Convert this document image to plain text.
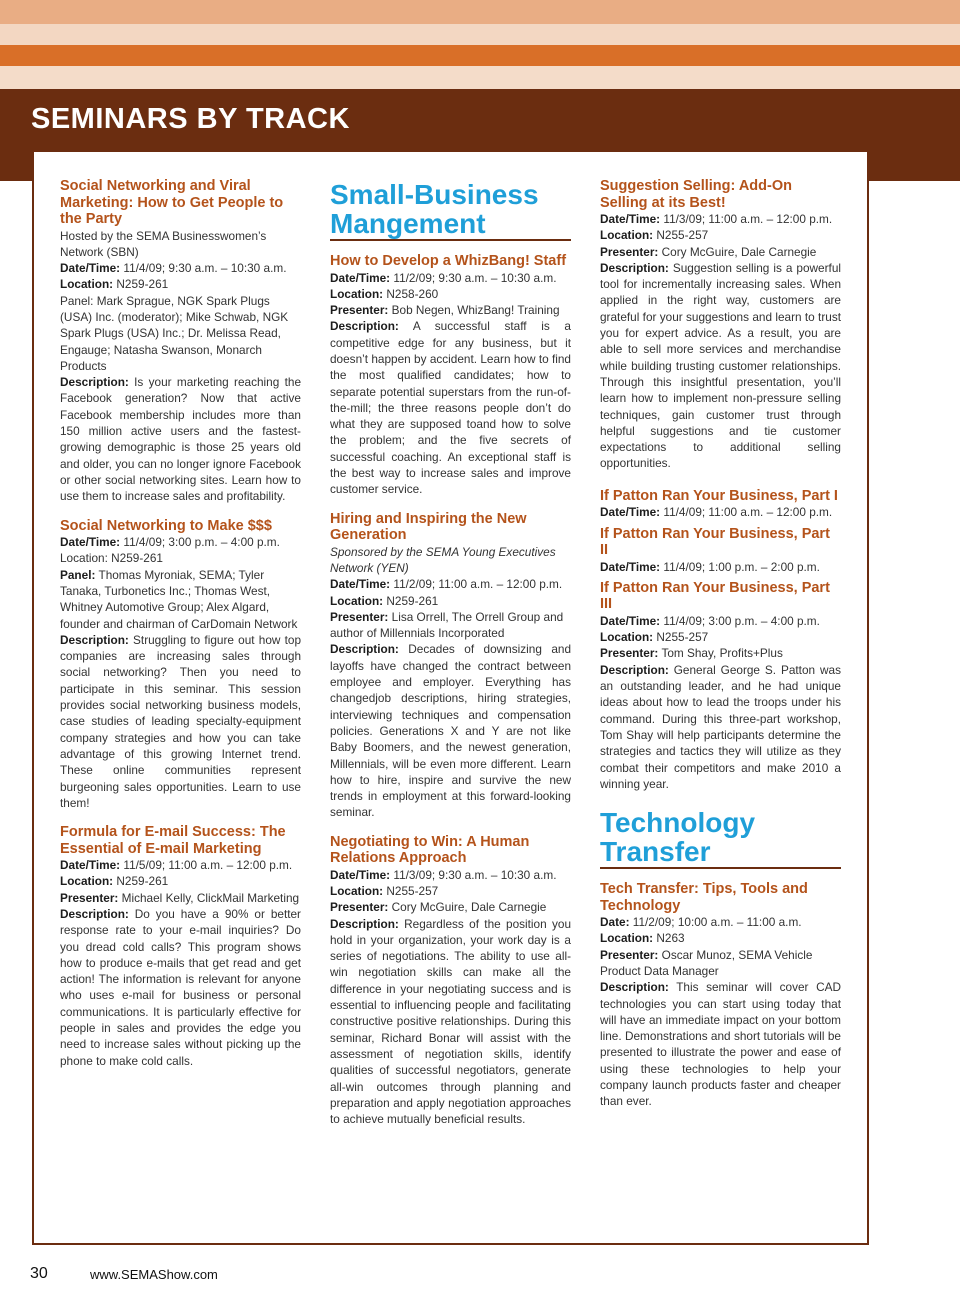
SEMINARS BY TRACK
Social Networking and Viral Marketing: How to Get People to the Party
Hosted by the SEMA Businesswomen’s Network (SBN)
Date/Time: 11/4/09; 9:30 a.m. – 10:30 a.m.
Location: N259-261
Panel: Mark Sprague, NGK Spark Plugs (USA) Inc. (moderator); Mike Schwab, NGK Spark Plugs (USA) Inc.; Dr. Melissa Read, Engauge; Natasha Swanson, Monarch Products
Description: Is your marketing reaching the Facebook generation? Now that active Facebook membership includes more than 150 million active users and the fastest-growing demographic is those 25 years old and older, you can no longer ignore Facebook or other social networking sites. Learn how to use them to increase sales and profitability.
Social Networking to Make $$$
Date/Time: 11/4/09; 3:00 p.m. – 4:00 p.m.
Location: N259-261
Panel: Thomas Myroniak, SEMA; Tyler Tanaka, Turbonetics Inc.; Thomas West, Whitney Automotive Group; Alex Algard, founder and chairman of CarDomain Network
Description: Struggling to figure out how top companies are increasing sales through social networking? Then you need to participate in this seminar. This session provides social networking business models, case studies of leading specialty-equipment company strategies and how you can take advantage of this growing Internet trend. These online communities represent burgeoning sales opportunities. Learn to use them!
Formula for E-mail Success: The Essential of E-mail Marketing
Date/Time: 11/5/09; 11:00 a.m. – 12:00 p.m.
Location: N259-261
Presenter: Michael Kelly, ClickMail Marketing
Description: Do you have a 90% or better response rate to your e-mail inquiries? Do you dread cold calls? This program shows how to produce e-mails that get read and get action! The information is relevant for anyone who uses e-mail for business or personal communications. It is particularly effective for people in sales and provides the edge you need to increase sales without picking up the phone to make cold calls.
Small-Business Mangement
How to Develop a WhizBang! Staff
Date/Time: 11/2/09; 9:30 a.m. – 10:30 a.m.
Location: N258-260
Presenter: Bob Negen, WhizBang! Training
Description: A successful staff is a competitive edge for any business, but it doesn’t happen by accident. Learn how to find the most qualified candidates; how to separate potential superstars from the run-of-the-mill; the three reasons people don’t do what they are supposed toand how to solve the problem; and the five secrets of successful coaching. An exceptional staff is the best way to increase sales and improve customer service.
Hiring and Inspiring the New Generation
Sponsored by the SEMA Young Executives Network (YEN)
Date/Time: 11/2/09; 11:00 a.m. – 12:00 p.m.
Location: N259-261
Presenter: Lisa Orrell, The Orrell Group and author of Millennials Incorporated
Description: Decades of downsizing and layoffs have changed the contract between employee and employer. Everything has changedjob descriptions, hiring strategies, interviewing techniques and compensation policies. Generations X and Y are not like Baby Boomers, and the newest generation, Millennials, will be even more different. Learn how to hire, inspire and survive the new trends in employment at this forward-looking seminar.
Negotiating to Win: A Human Relations Approach
Date/Time: 11/3/09; 9:30 a.m. – 10:30 a.m.
Location: N255-257
Presenter: Cory McGuire, Dale Carnegie
Description: Regardless of the position you hold in your organization, your work day is a series of negotiations. The ability to use all-win negotiation skills can make all the difference in your negotiating success and is essential to influencing people and facilitating constructive positive relationships. During this seminar, Richard Bonar will assist with the assessment of negotiation skills, identify qualities of successful negotiators, generate all-win outcomes through planning and preparation and apply negotiation approaches to achieve mutually beneficial results.
Suggestion Selling: Add-On Selling at its Best!
Date/Time: 11/3/09; 11:00 a.m. – 12:00 p.m.
Location: N255-257
Presenter: Cory McGuire, Dale Carnegie
Description: Suggestion selling is a powerful tool for incrementally increasing sales. When applied in the right way, customers are grateful for your suggestions and learn to trust you for expert advice. As a result, you are able to sell more services and merchandise while building trusting customer relationships. Through this insightful presentation, you’ll learn how to implement non-pressure selling techniques, gain customer trust through helpful suggestions and tie customer expectations to additional selling opportunities.
If Patton Ran Your Business, Part I
Date/Time: 11/4/09; 11:00 a.m. – 12:00 p.m.
If Patton Ran Your Business, Part II
Date/Time: 11/4/09; 1:00 p.m. – 2:00 p.m.
If Patton Ran Your Business, Part III
Date/Time: 11/4/09; 3:00 p.m. – 4:00 p.m.
Location: N255-257
Presenter: Tom Shay, Profits+Plus
Description: General George S. Patton was an outstanding leader, and he had unique ideas about how to lead the troops under his command. During this three-part workshop, Tom Shay will help participants determine the strategies and tactics they will utilize as they combat their competitors and make 2010 a winning year.
Technology Transfer
Tech Transfer: Tips, Tools and Technology
Date: 11/2/09; 10:00 a.m. – 11:00 a.m.
Location: N263
Presenter: Oscar Munoz, SEMA Vehicle Product Data Manager
Description: This seminar will cover CAD technologies you can start using today that will have an immediate impact on your bottom line. Demonstrations and short tutorials will be presented to illustrate the power and ease of using these technologies to help your company launch products faster and cheaper than ever.
30	www.SEMAShow.com
